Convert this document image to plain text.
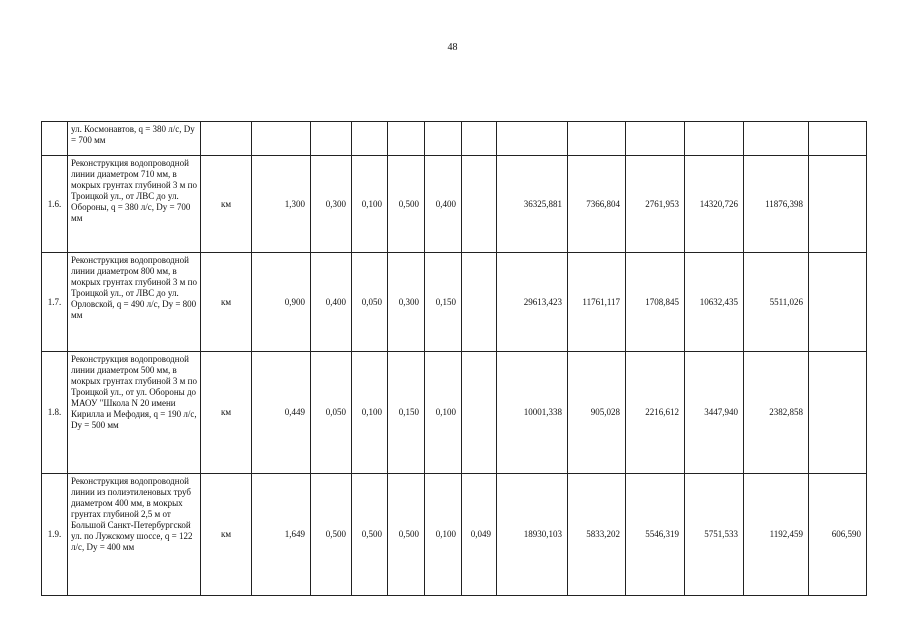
48
	ул. Космонавтов, q = 380 л/с, Dy = 700 мм													
1.6.	Реконструкция водопроводной линии диаметром 710 мм, в мокрых грунтах глубиной 3 м по Троицкой ул., от ЛВС до ул. Обороны, q = 380 л/с, Dy = 700 мм	км	1,300	0,300	0,100	0,500	0,400		36325,881	7366,804	2761,953	14320,726	11876,398	
1.7.	Реконструкция водопроводной линии диаметром 800 мм, в мокрых грунтах глубиной 3 м по Троицкой ул., от ЛВС до ул. Орловской, q = 490 л/с, Dy = 800 мм	км	0,900	0,400	0,050	0,300	0,150		29613,423	11761,117	1708,845	10632,435	5511,026	
1.8.	Реконструкция водопроводной линии диаметром 500 мм, в мокрых грунтах глубиной 3 м по Троицкой ул., от ул. Обороны до МАОУ "Школа N 20 имени Кирилла и Мефодия, q = 190 л/с, Dy = 500 мм	км	0,449	0,050	0,100	0,150	0,100		10001,338	905,028	2216,612	3447,940	2382,858	
1.9.	Реконструкция водопроводной линии из полиэтиленовых труб диаметром 400 мм, в мокрых грунтах глубиной 2,5 м от Большой Санкт-Петербургской ул. по Лужскому шоссе, q = 122 л/с, Dy = 400 мм	км	1,649	0,500	0,500	0,500	0,100	0,049	18930,103	5833,202	5546,319	5751,533	1192,459	606,590
